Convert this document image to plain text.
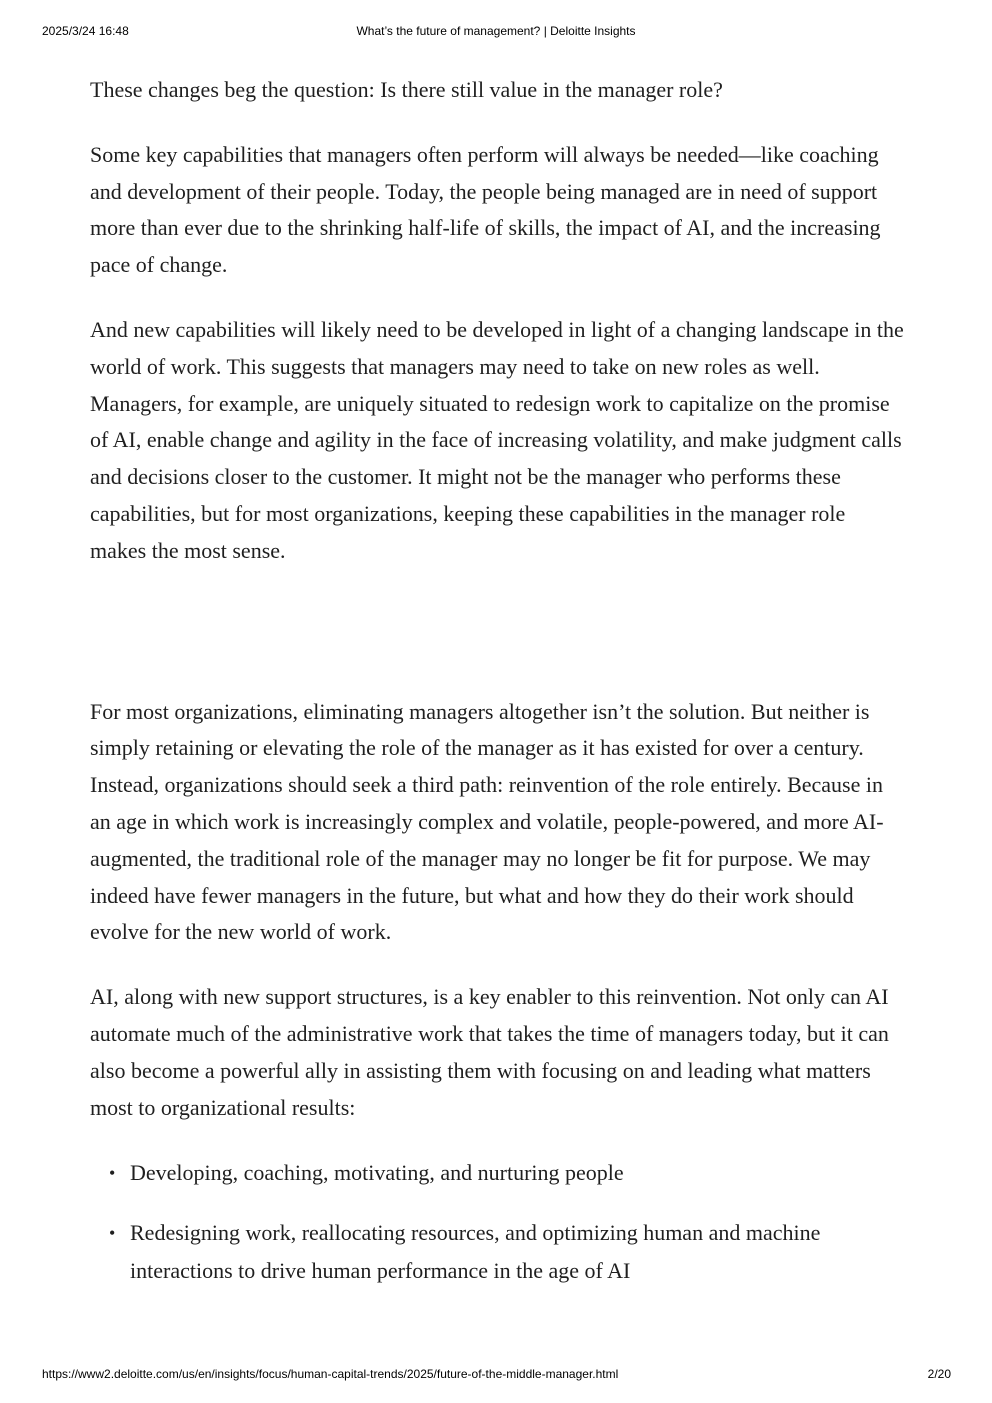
2025/3/24 16:48	What’s the future of management? | Deloitte Insights

These changes beg the question: Is there still value in the manager role?

Some key capabilities that managers often perform will always be needed—like coaching and development of their people. Today, the people being managed are in need of support more than ever due to the shrinking half-life of skills, the impact of AI, and the increasing pace of change.

And new capabilities will likely need to be developed in light of a changing landscape in the world of work. This suggests that managers may need to take on new roles as well. Managers, for example, are uniquely situated to redesign work to capitalize on the promise of AI, enable change and agility in the face of increasing volatility, and make judgment calls and decisions closer to the customer. It might not be the manager who performs these capabilities, but for most organizations, keeping these capabilities in the manager role makes the most sense.

For most organizations, eliminating managers altogether isn’t the solution. But neither is simply retaining or elevating the role of the manager as it has existed for over a century. Instead, organizations should seek a third path: reinvention of the role entirely. Because in an age in which work is increasingly complex and volatile, people-powered, and more AI-augmented, the traditional role of the manager may no longer be fit for purpose. We may indeed have fewer managers in the future, but what and how they do their work should evolve for the new world of work.

AI, along with new support structures, is a key enabler to this reinvention. Not only can AI automate much of the administrative work that takes the time of managers today, but it can also become a powerful ally in assisting them with focusing on and leading what matters most to organizational results:

• Developing, coaching, motivating, and nurturing people
• Redesigning work, reallocating resources, and optimizing human and machine interactions to drive human performance in the age of AI
https://www2.deloitte.com/us/en/insights/focus/human-capital-trends/2025/future-of-the-middle-manager.html	2/20
